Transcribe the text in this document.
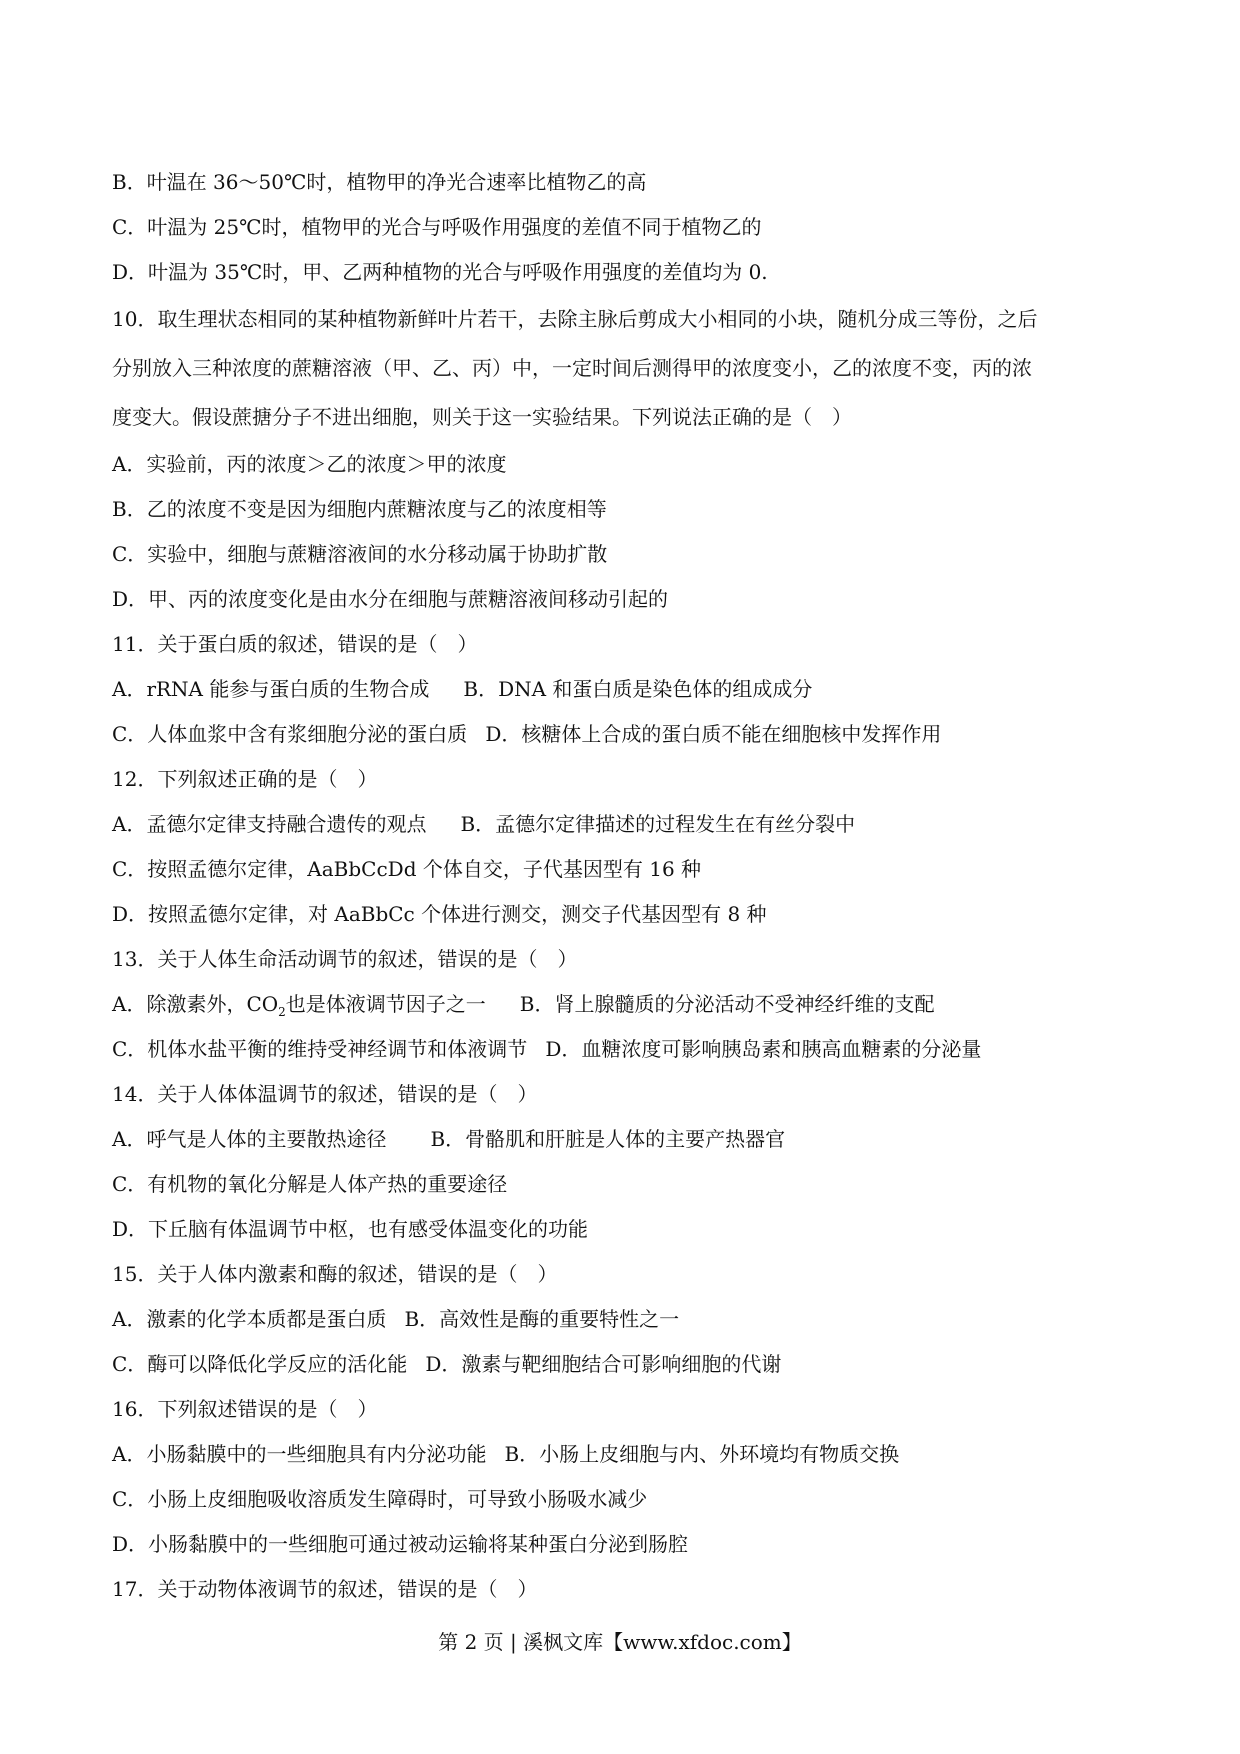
B．叶温在 36～50℃时，植物甲的净光合速率比植物乙的高
C．叶温为 25℃时，植物甲的光合与呼吸作用强度的差值不同于植物乙的
D．叶温为 35℃时，甲、乙两种植物的光合与呼吸作用强度的差值均为 0.
10．取生理状态相同的某种植物新鲜叶片若干，去除主脉后剪成大小相同的小块，随机分成三等份，之后
分别放入三种浓度的蔗糖溶液（甲、乙、丙）中，一定时间后测得甲的浓度变小，乙的浓度不变，丙的浓
度变大。假设蔗搪分子不进出细胞，则关于这一实验结果。下列说法正确的是（　）
A．实验前，丙的浓度＞乙的浓度＞甲的浓度
B．乙的浓度不变是因为细胞内蔗糖浓度与乙的浓度相等
C．实验中，细胞与蔗糖溶液间的水分移动属于协助扩散
D．甲、丙的浓度变化是由水分在细胞与蔗糖溶液间移动引起的
11．关于蛋白质的叙述，错误的是（　）
A．rRNA 能参与蛋白质的生物合成 B．DNA 和蛋白质是染色体的组成成分
C．人体血浆中含有浆细胞分泌的蛋白质 D．核糖体上合成的蛋白质不能在细胞核中发挥作用
12．下列叙述正确的是（　）
A．孟德尔定律支持融合遗传的观点 B．孟德尔定律描述的过程发生在有丝分裂中
C．按照孟德尔定律，AaBbCcDd 个体自交，子代基因型有 16 种
D．按照孟德尔定律，对 AaBbCc 个体进行测交，测交子代基因型有 8 种
13．关于人体生命活动调节的叙述，错误的是（　）
A．除激素外，$CO_2$也是体液调节因子之一 B．肾上腺髓质的分泌活动不受神经纤维的支配
C．机体水盐平衡的维持受神经调节和体液调节 D．血糖浓度可影响胰岛素和胰高血糖素的分泌量
14．关于人体体温调节的叙述，错误的是（　）
A．呼气是人体的主要散热途径 B．骨骼肌和肝脏是人体的主要产热器官
C．有机物的氧化分解是人体产热的重要途径
D．下丘脑有体温调节中枢，也有感受体温变化的功能
15．关于人体内激素和酶的叙述，错误的是（　）
A．激素的化学本质都是蛋白质 B．高效性是酶的重要特性之一
C．酶可以降低化学反应的活化能 D．激素与靶细胞结合可影响细胞的代谢
16．下列叙述错误的是（　）
A．小肠黏膜中的一些细胞具有内分泌功能 B．小肠上皮细胞与内、外环境均有物质交换
C．小肠上皮细胞吸收溶质发生障碍时，可导致小肠吸水减少
D．小肠黏膜中的一些细胞可通过被动运输将某种蛋白分泌到肠腔
17．关于动物体液调节的叙述，错误的是（　）
第 2 页 | 溪枫文库【www.xfdoc.com】
